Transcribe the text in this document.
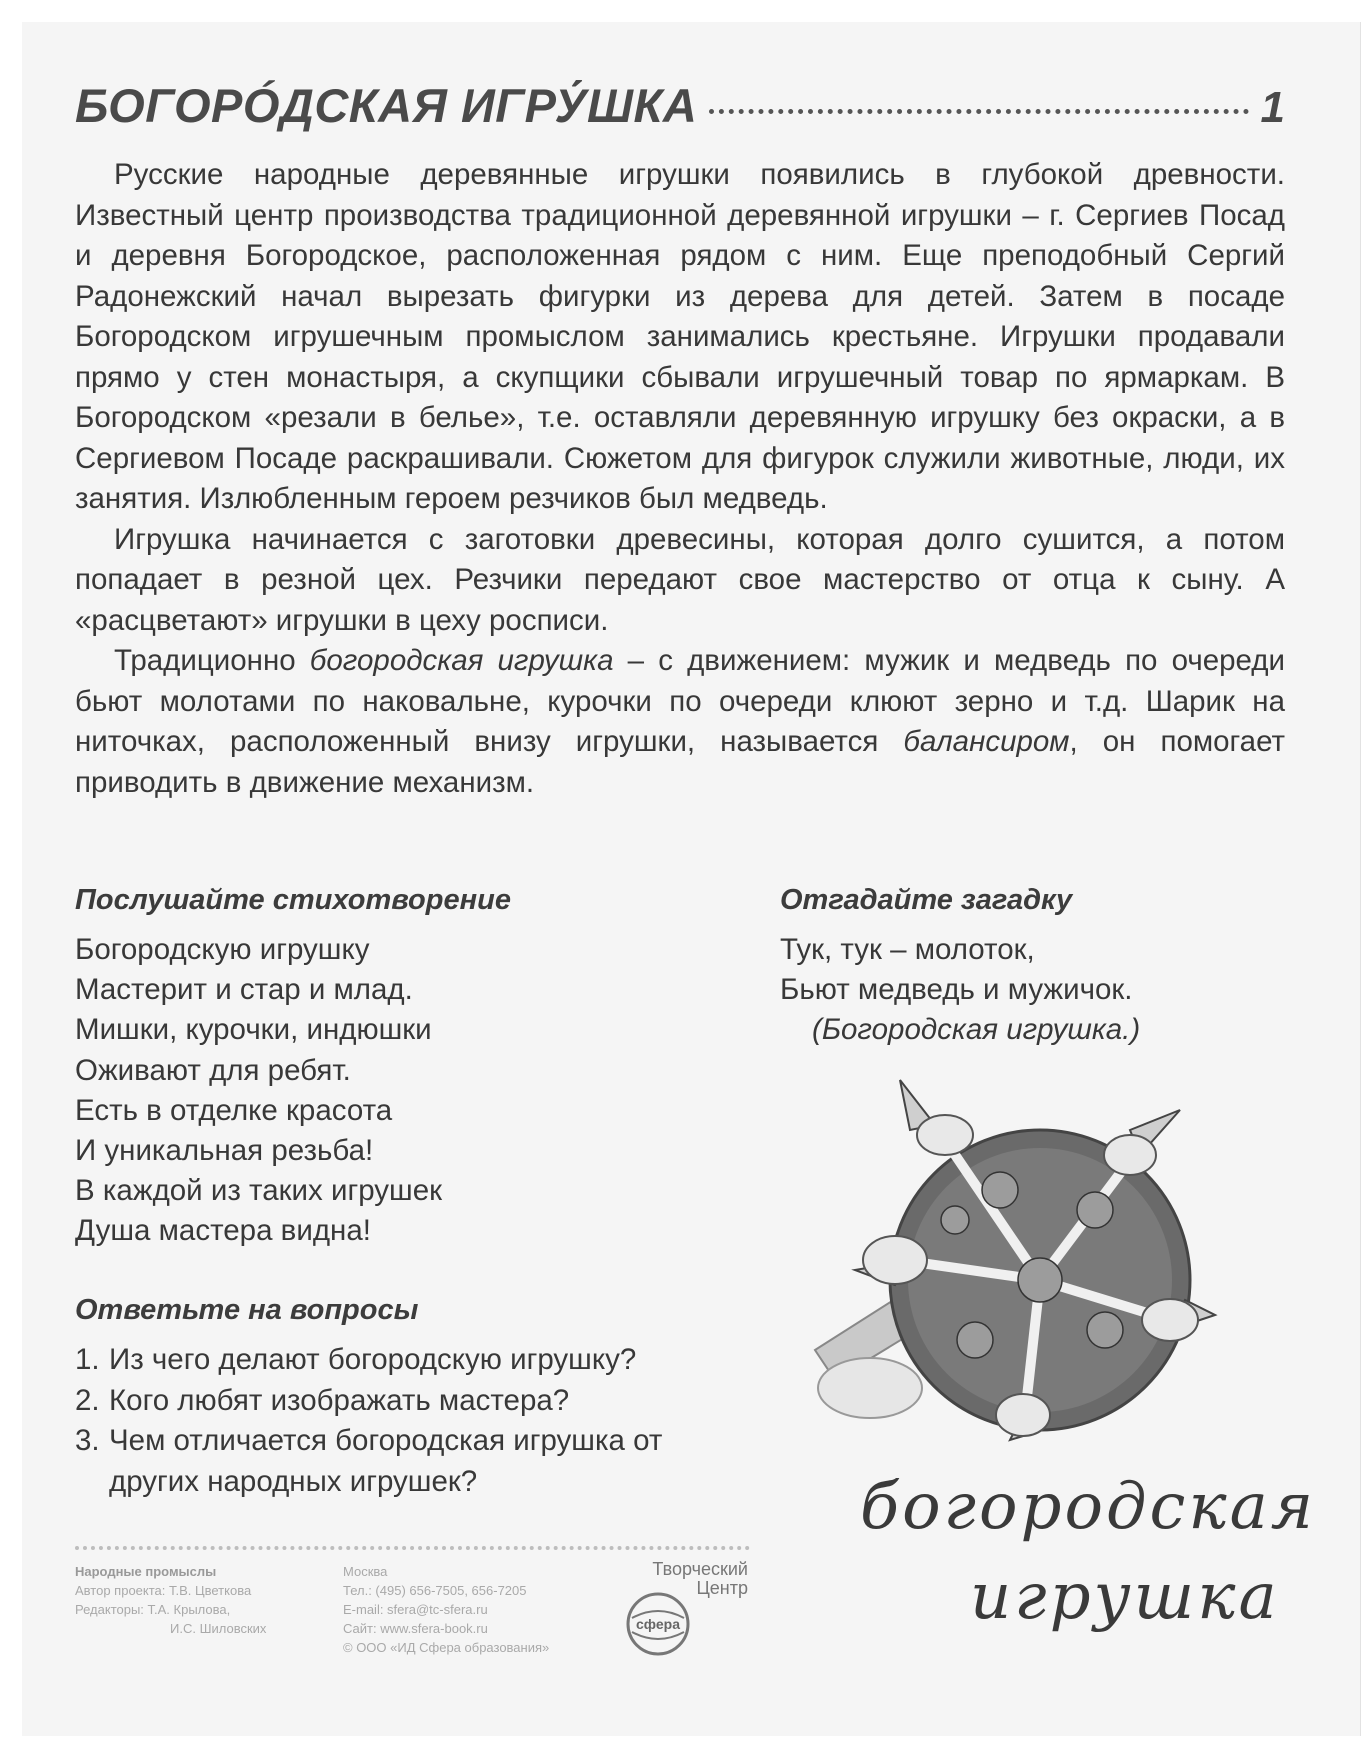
БОГОРÓДСКАЯ ИГРУ́ШКА	1

Русские народные деревянные игрушки появились в глубокой древности. Известный центр производства традиционной деревянной игрушки – г. Сергиев Посад и деревня Богородское, расположенная рядом с ним. Еще преподобный Сергий Радонежский начал вырезать фигурки из дерева для детей. Затем в посаде Богородском игрушечным промыслом занимались крестьяне. Игрушки продавали прямо у стен монастыря, а скупщики сбывали игрушечный товар по ярмаркам. В Богородском «резали в белье», т.е. оставляли деревянную игрушку без окраски, а в Сергиевом Посаде раскрашивали. Сюжетом для фигурок служили животные, люди, их занятия. Излюбленным героем резчиков был медведь.

Игрушка начинается с заготовки древесины, которая долго сушится, а потом попадает в резной цех. Резчики передают свое мастерство от отца к сыну. А «расцветают» игрушки в цеху росписи.

Традиционно богородская игрушка – с движением: мужик и медведь по очереди бьют молотами по наковальне, курочки по очереди клюют зерно и т.д. Шарик на ниточках, расположенный внизу игрушки, называется балансиром, он помогает приводить в движение механизм.

Послушайте стихотворение
Богородскую игрушку
Мастерит и стар и млад.
Мишки, курочки, индюшки
Оживают для ребят.
Есть в отделке красота
И уникальная резьба!
В каждой из таких игрушек
Душа мастера видна!
Отгадайте загадку
Тук, тук – молоток,
Бьют медведь и мужичок.
(Богородская игрушка.)
Ответьте на вопросы
1. Из чего делают богородскую игрушку?
2. Кого любят изображать мастера?
3. Чем отличается богородская игрушка от других народных игрушек?	богородская
игрушка
Народные промыслы
Автор проекта: Т.В. Цветкова
Редакторы: Т.А. Крылова,
И.С. Шиловских
Москва
Тел.: (495) 656-7505, 656-7205
E-mail: sfera@tc-sfera.ru
Сайт: www.sfera-book.ru
© ООО «ИД Сфера образования»
Творческий
Центр
сфера
